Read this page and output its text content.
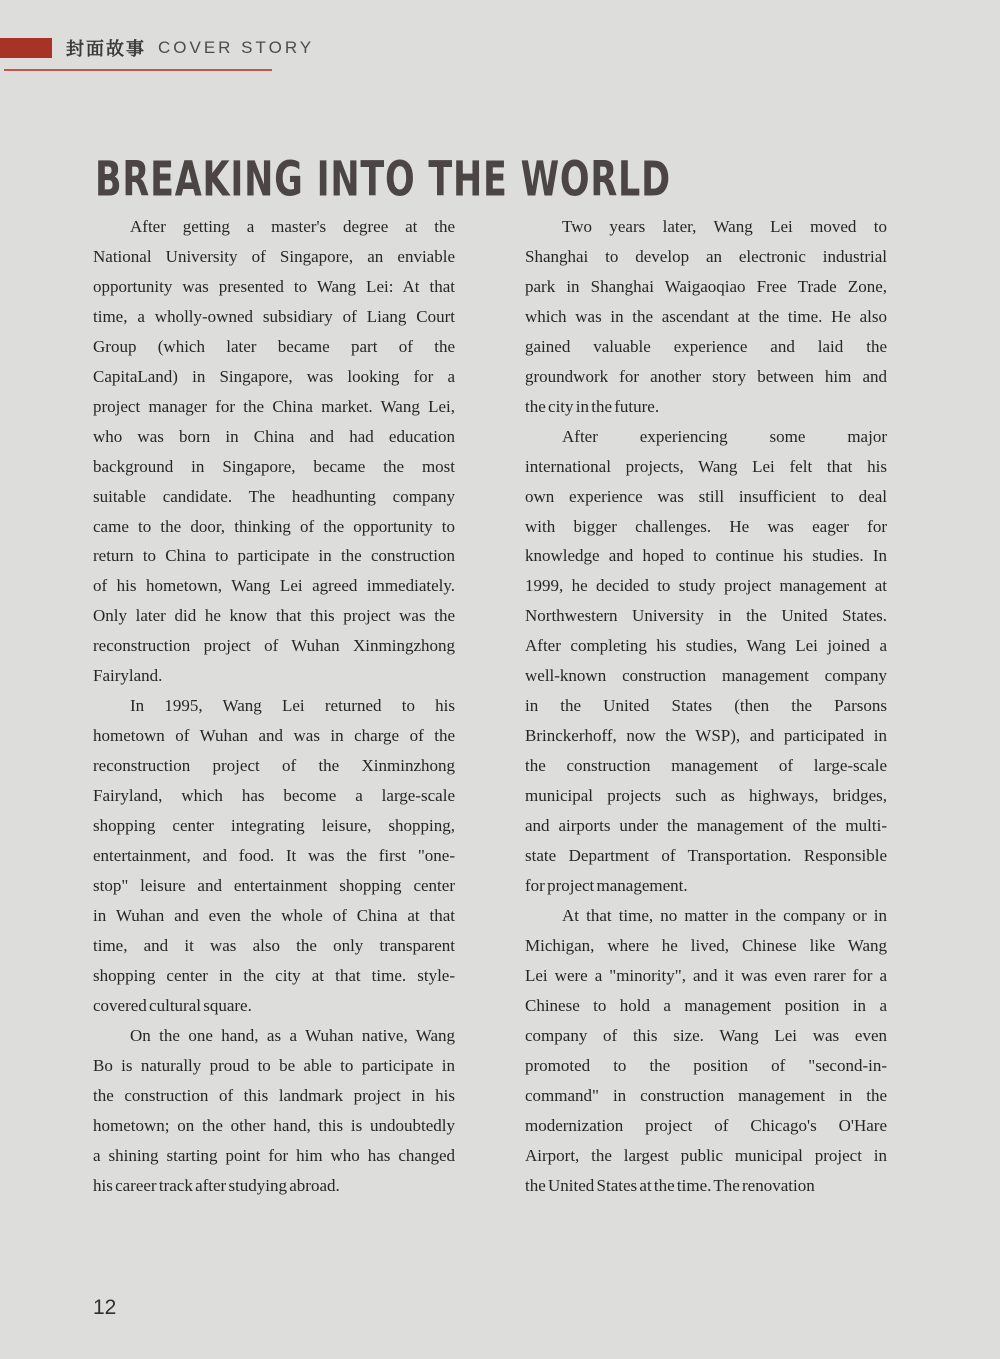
封面故事 COVER STORY
BREAKING INTO THE WORLD

After getting a master's degree at the
National University of Singapore, an enviable
opportunity was presented to Wang Lei: At that
time, a wholly-owned subsidiary of Liang Court
Group (which later became part of the
CapitaLand) in Singapore, was looking for a
project manager for the China market. Wang Lei,
who was born in China and had education
background in Singapore, became the most
suitable candidate. The headhunting company
came to the door, thinking of the opportunity to
return to China to participate in the construction
of his hometown, Wang Lei agreed immediately.
Only later did he know that this project was the
reconstruction project of Wuhan Xinmingzhong
Fairyland.

In 1995, Wang Lei returned to his
hometown of Wuhan and was in charge of the
reconstruction project of the Xinminzhong
Fairyland, which has become a large-scale
shopping center integrating leisure, shopping,
entertainment, and food. It was the first "one-
stop" leisure and entertainment shopping center
in Wuhan and even the whole of China at that
time, and it was also the only transparent
shopping center in the city at that time. style-
covered cultural square.

On the one hand, as a Wuhan native, Wang
Bo is naturally proud to be able to participate in
the construction of this landmark project in his
hometown; on the other hand, this is undoubtedly
a shining starting point for him who has changed
his career track after studying abroad.

Two years later, Wang Lei moved to
Shanghai to develop an electronic industrial
park in Shanghai Waigaoqiao Free Trade Zone,
which was in the ascendant at the time. He also
gained valuable experience and laid the
groundwork for another story between him and
the city in the future.

After experiencing some major
international projects, Wang Lei felt that his
own experience was still insufficient to deal
with bigger challenges. He was eager for
knowledge and hoped to continue his studies. In
1999, he decided to study project management at
Northwestern University in the United States.
After completing his studies, Wang Lei joined a
well-known construction management company
in the United States (then the Parsons
Brinckerhoff, now the WSP), and participated in
the construction management of large-scale
municipal projects such as highways, bridges,
and airports under the management of the multi-
state Department of Transportation. Responsible
for project management.

At that time, no matter in the company or in
Michigan, where he lived, Chinese like Wang
Lei were a "minority", and it was even rarer for a
Chinese to hold a management position in a
company of this size. Wang Lei was even
promoted to the position of "second-in-
command" in construction management in the
modernization project of Chicago's O'Hare
Airport, the largest public municipal project in
the United States at the time. The renovation

12
